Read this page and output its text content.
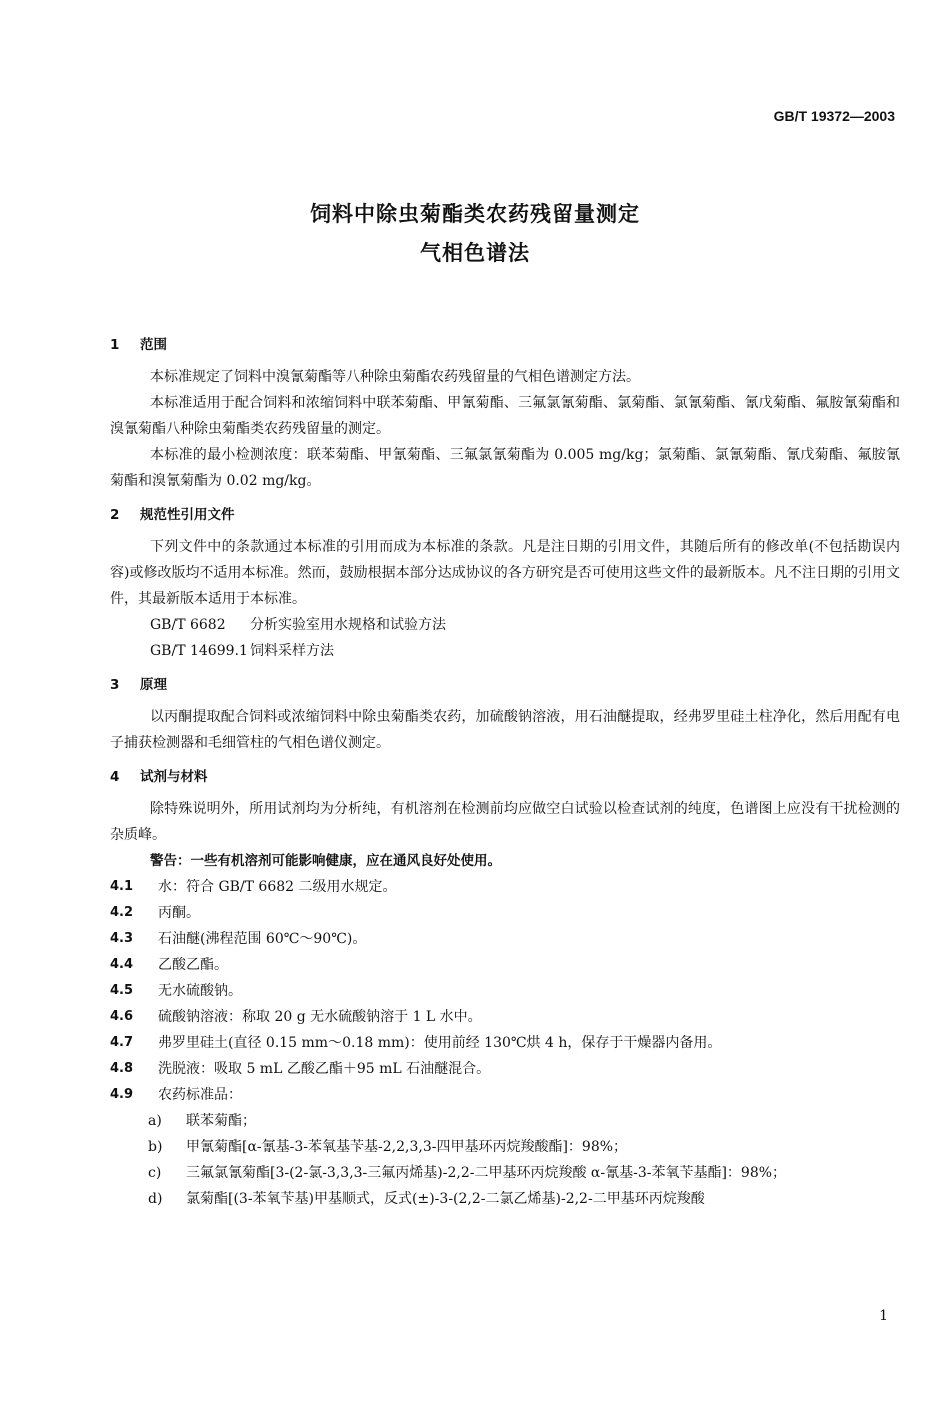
GB/T 19372—2003
饲料中除虫菊酯类农药残留量测定
气相色谱法
1 范围
本标准规定了饲料中溴氰菊酯等八种除虫菊酯农药残留量的气相色谱测定方法。
本标准适用于配合饲料和浓缩饲料中联苯菊酯、甲氰菊酯、三氟氯氰菊酯、氯菊酯、氯氰菊酯、氰戊菊酯、氟胺氰菊酯和溴氰菊酯八种除虫菊酯类农药残留量的测定。
本标准的最小检测浓度：联苯菊酯、甲氰菊酯、三氟氯氰菊酯为 0.005 mg/kg；氯菊酯、氯氰菊酯、氰戊菊酯、氟胺氰菊酯和溴氰菊酯为 0.02 mg/kg。
2 规范性引用文件
下列文件中的条款通过本标准的引用而成为本标准的条款。凡是注日期的引用文件，其随后所有的修改单(不包括勘误内容)或修改版均不适用本标准。然而，鼓励根据本部分达成协议的各方研究是否可使用这些文件的最新版本。凡不注日期的引用文件，其最新版本适用于本标准。
GB/T 6682 分析实验室用水规格和试验方法
GB/T 14699.1 饲料采样方法
3 原理
以丙酮提取配合饲料或浓缩饲料中除虫菊酯类农药，加硫酸钠溶液，用石油醚提取，经弗罗里硅土柱净化，然后用配有电子捕获检测器和毛细管柱的气相色谱仪测定。
4 试剂与材料
除特殊说明外，所用试剂均为分析纯，有机溶剂在检测前均应做空白试验以检查试剂的纯度，色谱图上应没有干扰检测的杂质峰。
警告：一些有机溶剂可能影响健康，应在通风良好处使用。
4.1 水：符合 GB/T 6682 二级用水规定。
4.2 丙酮。
4.3 石油醚(沸程范围 60℃～90℃)。
4.4 乙酸乙酯。
4.5 无水硫酸钠。
4.6 硫酸钠溶液：称取 20 g 无水硫酸钠溶于 1 L 水中。
4.7 弗罗里硅土(直径 0.15 mm～0.18 mm)：使用前经 130℃烘 4 h，保存于干燥器内备用。
4.8 洗脱液：吸取 5 mL 乙酸乙酯＋95 mL 石油醚混合。
4.9 农药标准品：
a) 联苯菊酯；
b) 甲氰菊酯[α-氰基-3-苯氧基苄基-2,2,3,3-四甲基环丙烷羧酸酯]：98%；
c) 三氟氯氰菊酯[3-(2-氯-3,3,3-三氟丙烯基)-2,2-二甲基环丙烷羧酸 α-氰基-3-苯氧苄基酯]：98%；
d) 氯菊酯[(3-苯氧苄基)甲基顺式，反式(±)-3-(2,2-二氯乙烯基)-2,2-二甲基环丙烷羧酸
1
